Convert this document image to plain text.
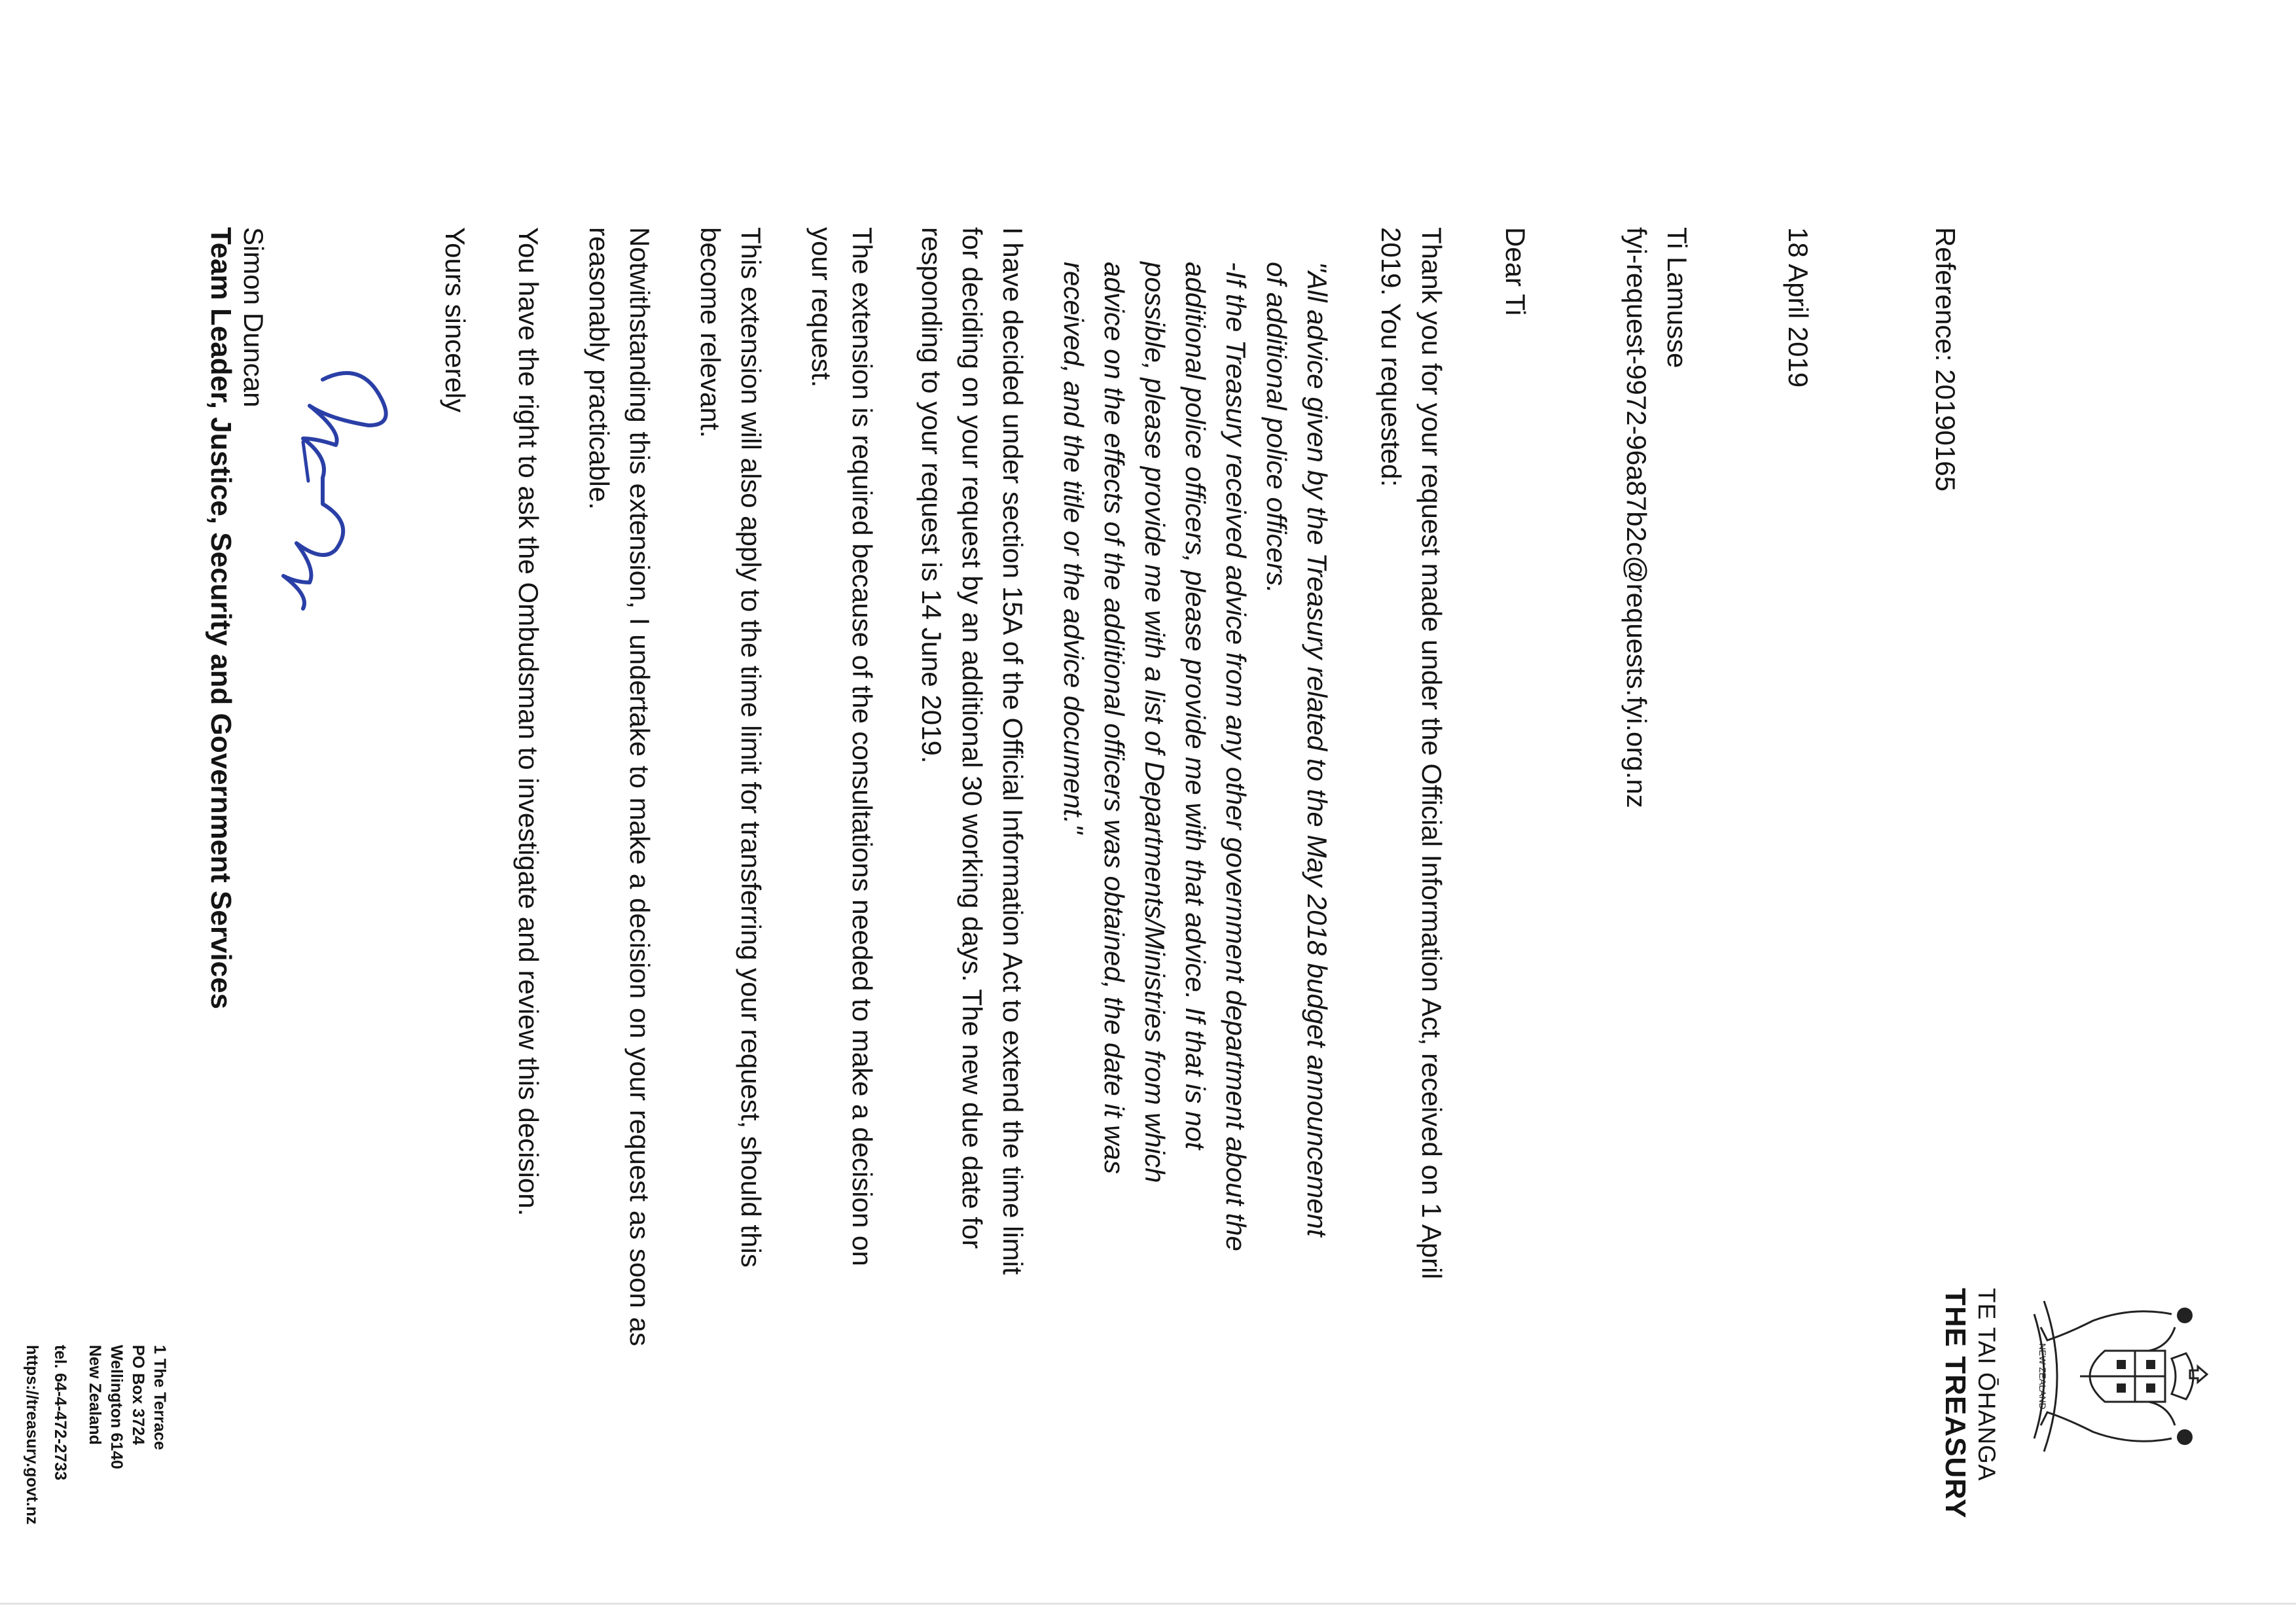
NEW ZEALAND
TE TAI ŌHANGA
THE TREASURY
Reference: 20190165
18 April 2019
Ti Lamusse
fyi-request-9972-96a87b2c@requests.fyi.org.nz
Dear Ti
Thank you for your request made under the Official Information Act, received on 1 April
2019. You requested:
"All advice given by the Treasury related to the May 2018 budget announcement
of additional police officers.
-If the Treasury received advice from any other government department about the
additional police officers, please provide me with that advice. If that is not
possible, please provide me with a list of Departments/Ministries from which
advice on the effects of the additional officers was obtained, the date it was
received, and the title or the advice document."
I have decided under section 15A of the Official Information Act to extend the time limit
for deciding on your request by an additional 30 working days. The new due date for
responding to your request is 14 June 2019.
The extension is required because of the consultations needed to make a decision on
your request.
This extension will also apply to the time limit for transferring your request, should this
become relevant.
Notwithstanding this extension, I undertake to make a decision on your request as soon as reasonably practicable.
You have the right to ask the Ombudsman to investigate and review this decision.
Yours sincerely
Simon Duncan
Team Leader, Justice, Security and Government Services
1 The Terrace
PO Box 3724
Wellington 6140
New Zealand
tel. 64-4-472-2733
https://treasury.govt.nz
